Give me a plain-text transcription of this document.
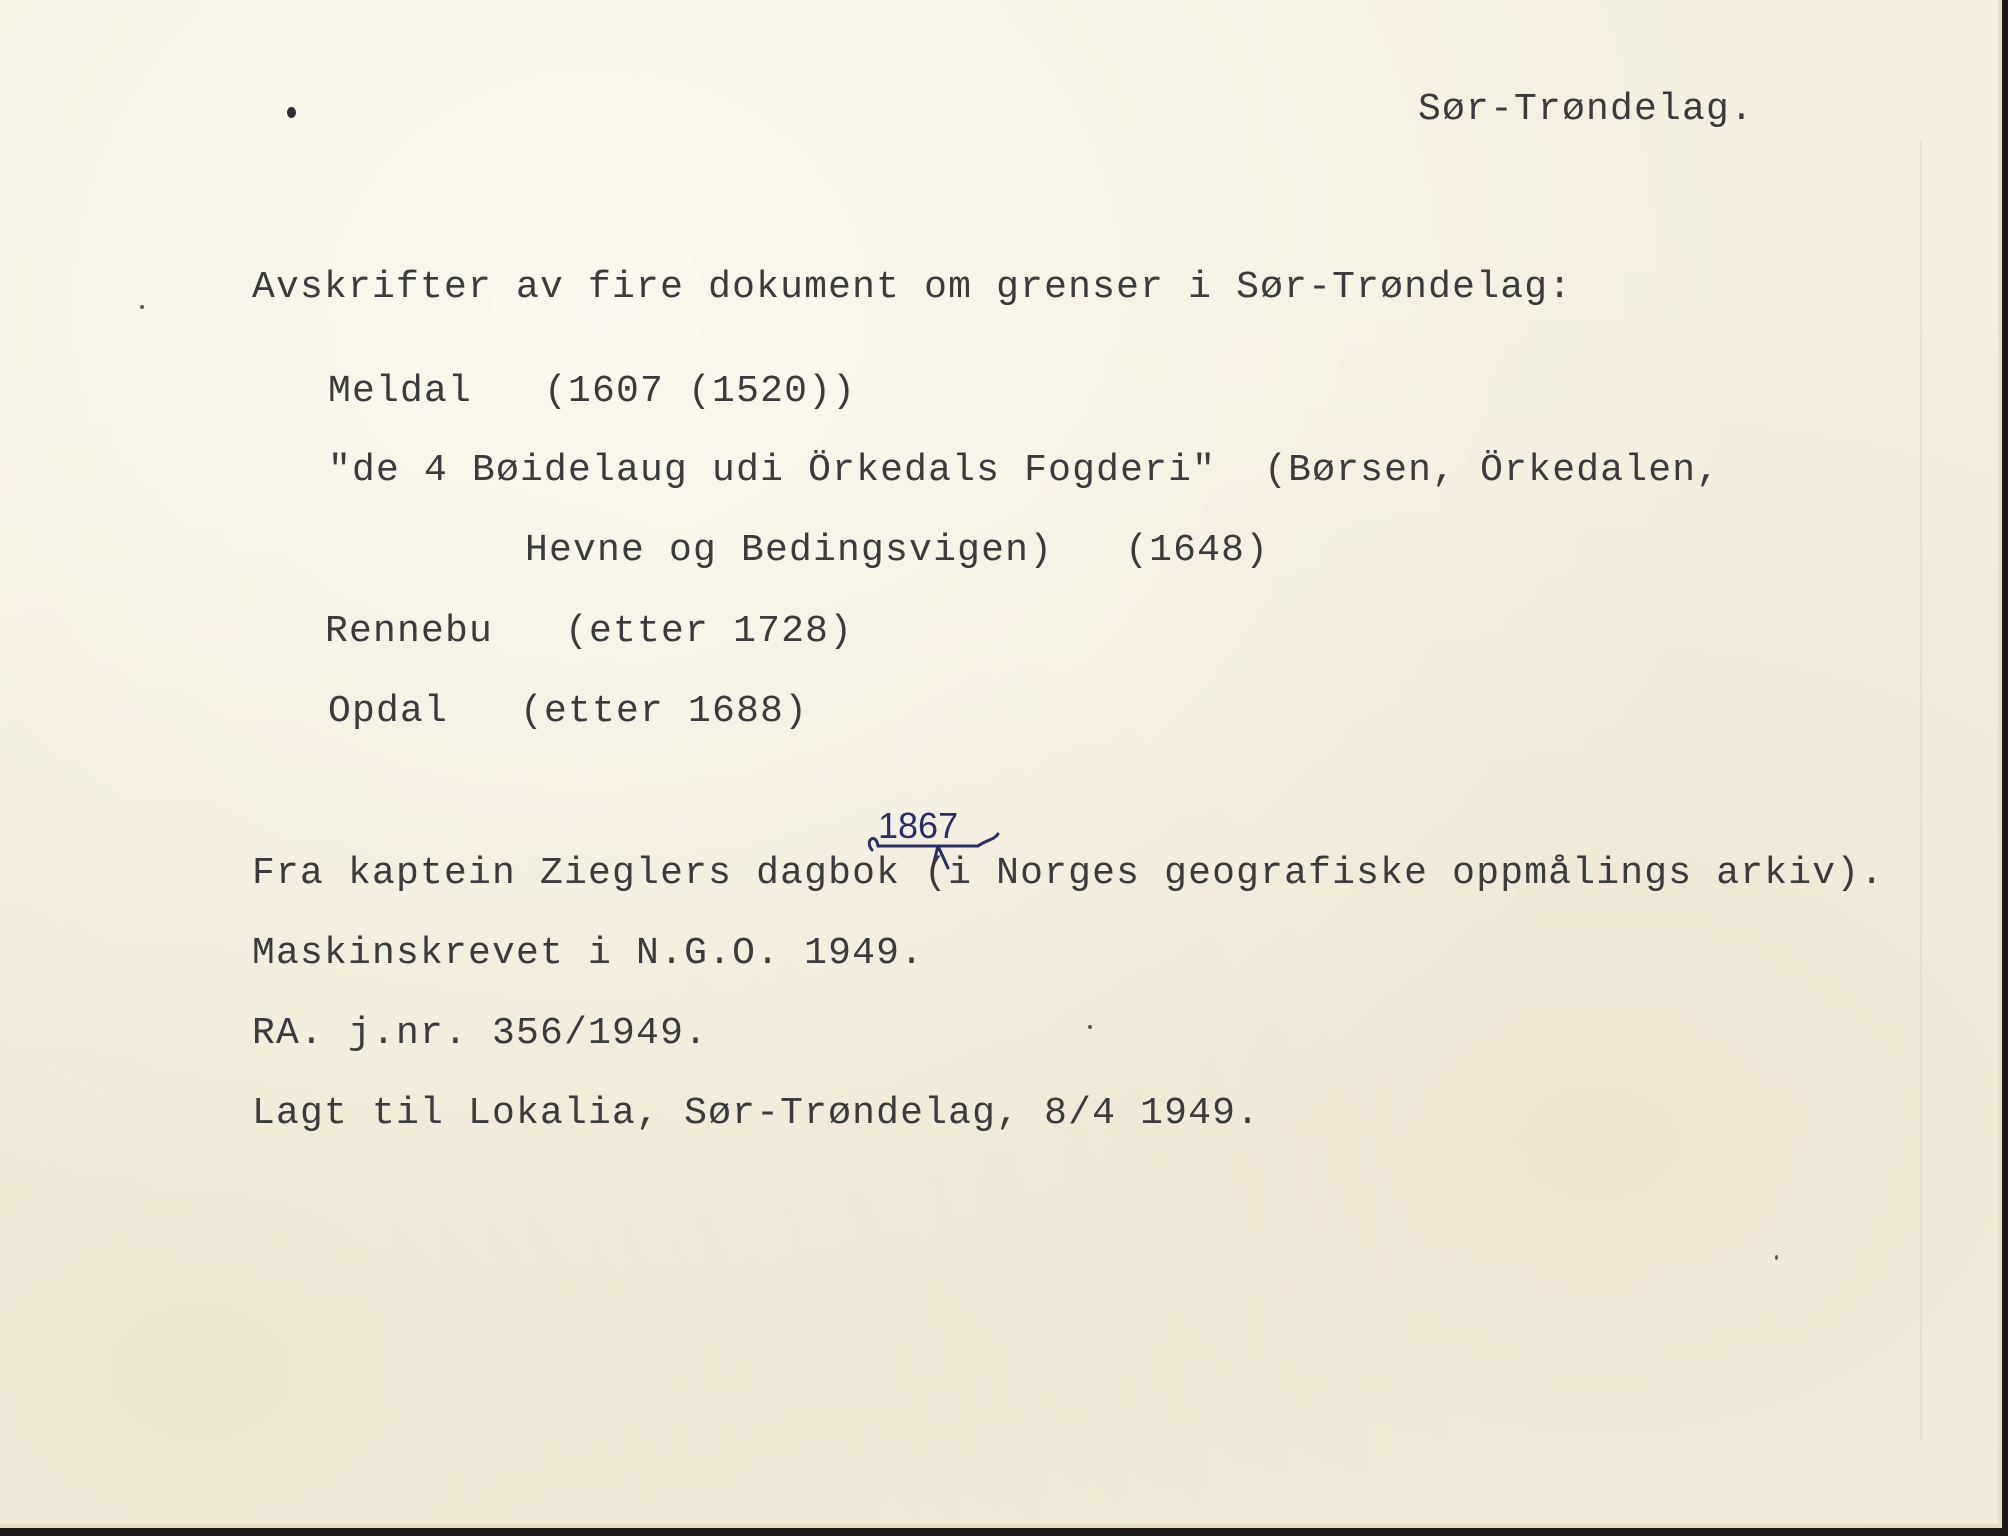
Sør-Trøndelag.

Avskrifter av fire dokument om grenser i Sør-Trøndelag:

Meldal   (1607 (1520))

"de 4 Bøidelaug udi Örkedals Fogderi"  (Børsen, Örkedalen,

Hevne og Bedingsvigen)   (1648)

Rennebu   (etter 1728)

Opdal   (etter 1688)

1867

Fra kaptein Zieglers dagbok (i Norges geografiske oppmålings arkiv).

Maskinskrevet i N.G.O. 1949.

RA. j.nr. 356/1949.

Lagt til Lokalia, Sør-Trøndelag, 8/4 1949.
